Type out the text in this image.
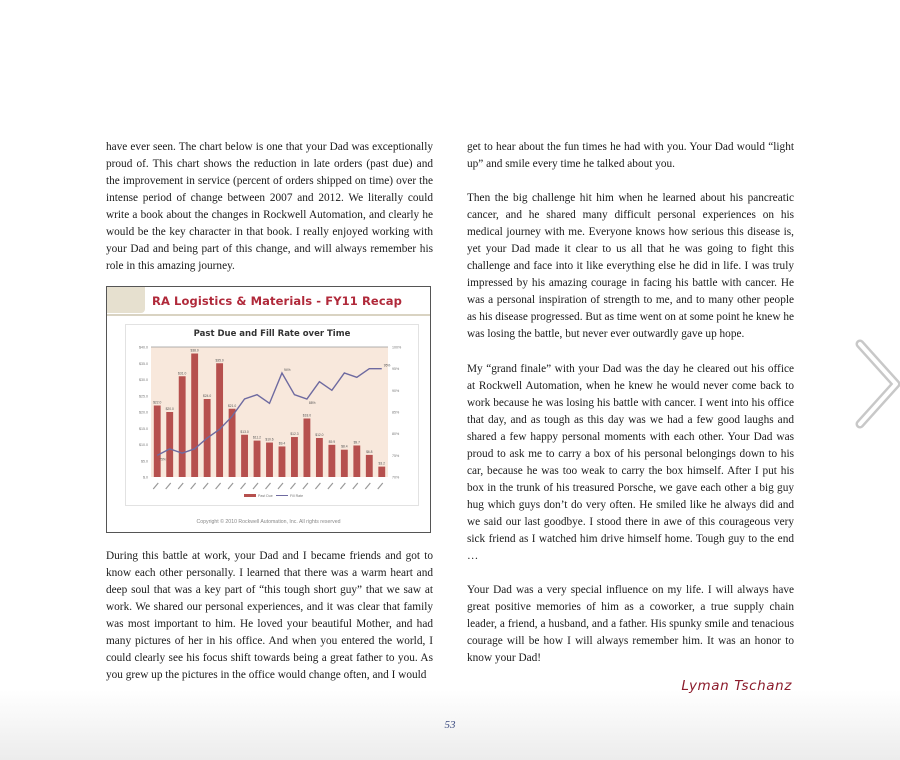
have ever seen. The chart below is one that your Dad was exceptionally proud of. This chart shows the reduction in late orders (past due) and the improvement in service (percent of orders shipped on time) over the intense period of change between 2007 and 2012. We literally could write a book about the changes in Rockwell Automation, and clearly he would be the key character in that book. I really enjoyed working with your Dad and being part of this change, and will always remember his role in this amazing journey.

RA Logistics & Materials - FY11 Recap
$40.0
$35.0
$30.0
$25.0
$20.0
$15.0
$10.0
$5.0
$.0
100%
95%
90%
85%
80%
75%
70%
$22.0
$20.0
$31.0
$38.0
$24.0
$35.0
$21.0
$13.0
$11.2 $10.6
$9.4
$12.3
$18.0
$12.0
$9.9
$8.4
$9.7
$6.8
$3.2
75%
94%
88%
95%
Past Due	Fill Rate
Past Due and Fill Rate over Time
Copyright © 2010 Rockwell Automation, Inc. All rights reserved

During this battle at work, your Dad and I became friends and got to know each other personally. I learned that there was a warm heart and deep soul that was a key part of “this tough short guy” that we saw at work. We shared our personal experiences, and it was clear that family was most important to him. He loved your beautiful Mother, and had many pictures of her in his office. And when you entered the world, I could clearly see his focus shift towards being a great father to you. As you grew up the pictures in the office would change often, and I would

get to hear about the fun times he had with you. Your Dad would “light up” and smile every time he talked about you.

Then the big challenge hit him when he learned about his pancreatic cancer, and he shared many difficult personal experiences on his medical journey with me. Everyone knows how serious this disease is, yet your Dad made it clear to us all that he was going to fight this challenge and face into it like everything else he did in life. I was truly impressed by his amazing courage in facing his battle with cancer. He was a personal inspiration of strength to me, and to many other people as his disease progressed. But as time went on at some point he knew he was losing the battle, but never ever outwardly gave up hope.

My “grand finale” with your Dad was the day he cleared out his office at Rockwell Automation, when he knew he would never come back to work because he was losing his battle with cancer. I went into his office that day, and as tough as this day was we had a few good laughs and shared a few happy personal moments with each other. Your Dad was proud to ask me to carry a box of his personal belongings down to his car, because he was too weak to carry the box himself. After I put his box in the trunk of his treasured Porsche, we gave each other a big guy hug which guys don’t do very often. He smiled like he always did and we said our last goodbye. I stood there in awe of this courageous very sick friend as I watched him drive himself home. Tough guy to the end …

Your Dad was a very special influence on my life. I will always have great positive memories of him as a coworker, a true supply chain leader, a friend, a husband, and a father. His spunky smile and tenacious courage will be how I will always remember him. It was an honor to know your Dad!

Lyman Tschanz
53
